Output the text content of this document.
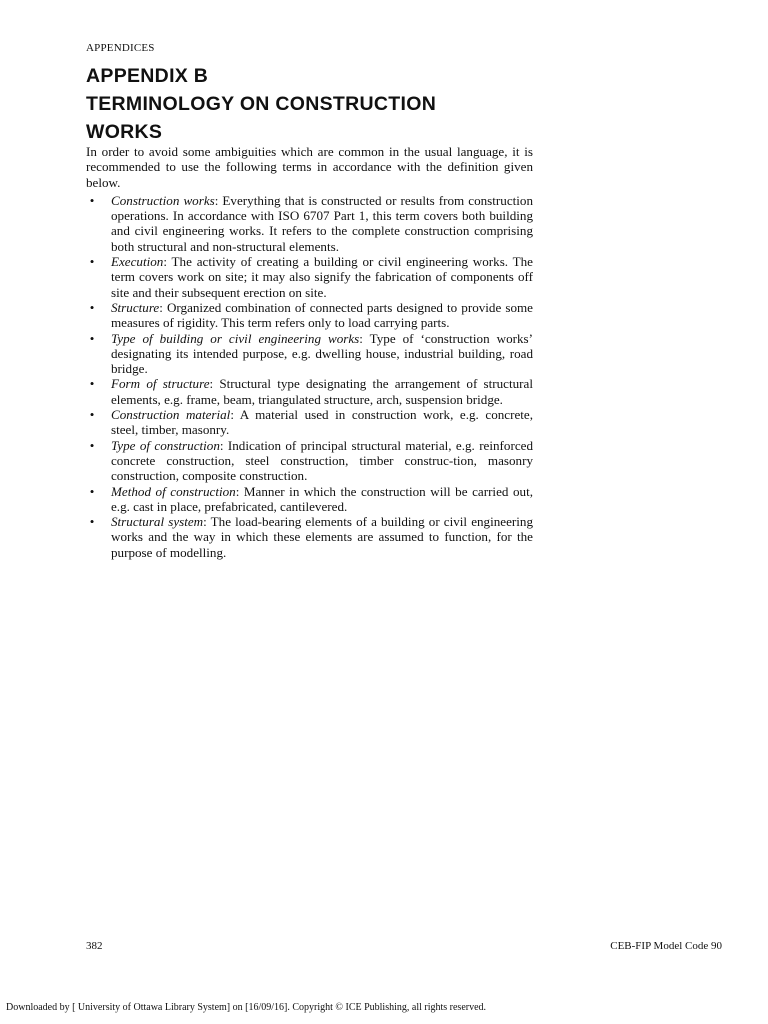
APPENDICES
APPENDIX B
TERMINOLOGY ON CONSTRUCTION
WORKS

In order to avoid some ambiguities which are common in the usual language, it is recommended to use the following terms in accordance with the definition given below.

• Construction works: Everything that is constructed or results from construction operations. In accordance with ISO 6707 Part 1, this term covers both building and civil engineering works. It refers to the complete construction comprising both structural and non-structural elements.
• Execution: The activity of creating a building or civil engineering works. The term covers work on site; it may also signify the fabrication of components off site and their subsequent erection on site.
• Structure: Organized combination of connected parts designed to provide some measures of rigidity. This term refers only to load carrying parts.
• Type of building or civil engineering works: Type of ‘construction works’ designating its intended purpose, e.g. dwelling house, industrial building, road bridge.
• Form of structure: Structural type designating the arrangement of structural elements, e.g. frame, beam, triangulated structure, arch, suspension bridge.
• Construction material: A material used in construction work, e.g. concrete, steel, timber, masonry.
• Type of construction: Indication of principal structural material, e.g. reinforced concrete construction, steel construction, timber construc-tion, masonry construction, composite construction.
• Method of construction: Manner in which the construction will be carried out, e.g. cast in place, prefabricated, cantilevered.
• Structural system: The load-bearing elements of a building or civil engineering works and the way in which these elements are assumed to function, for the purpose of modelling.
382	CEB-FIP Model Code 90
Downloaded by [ University of Ottawa Library System] on [16/09/16]. Copyright © ICE Publishing, all rights reserved.
